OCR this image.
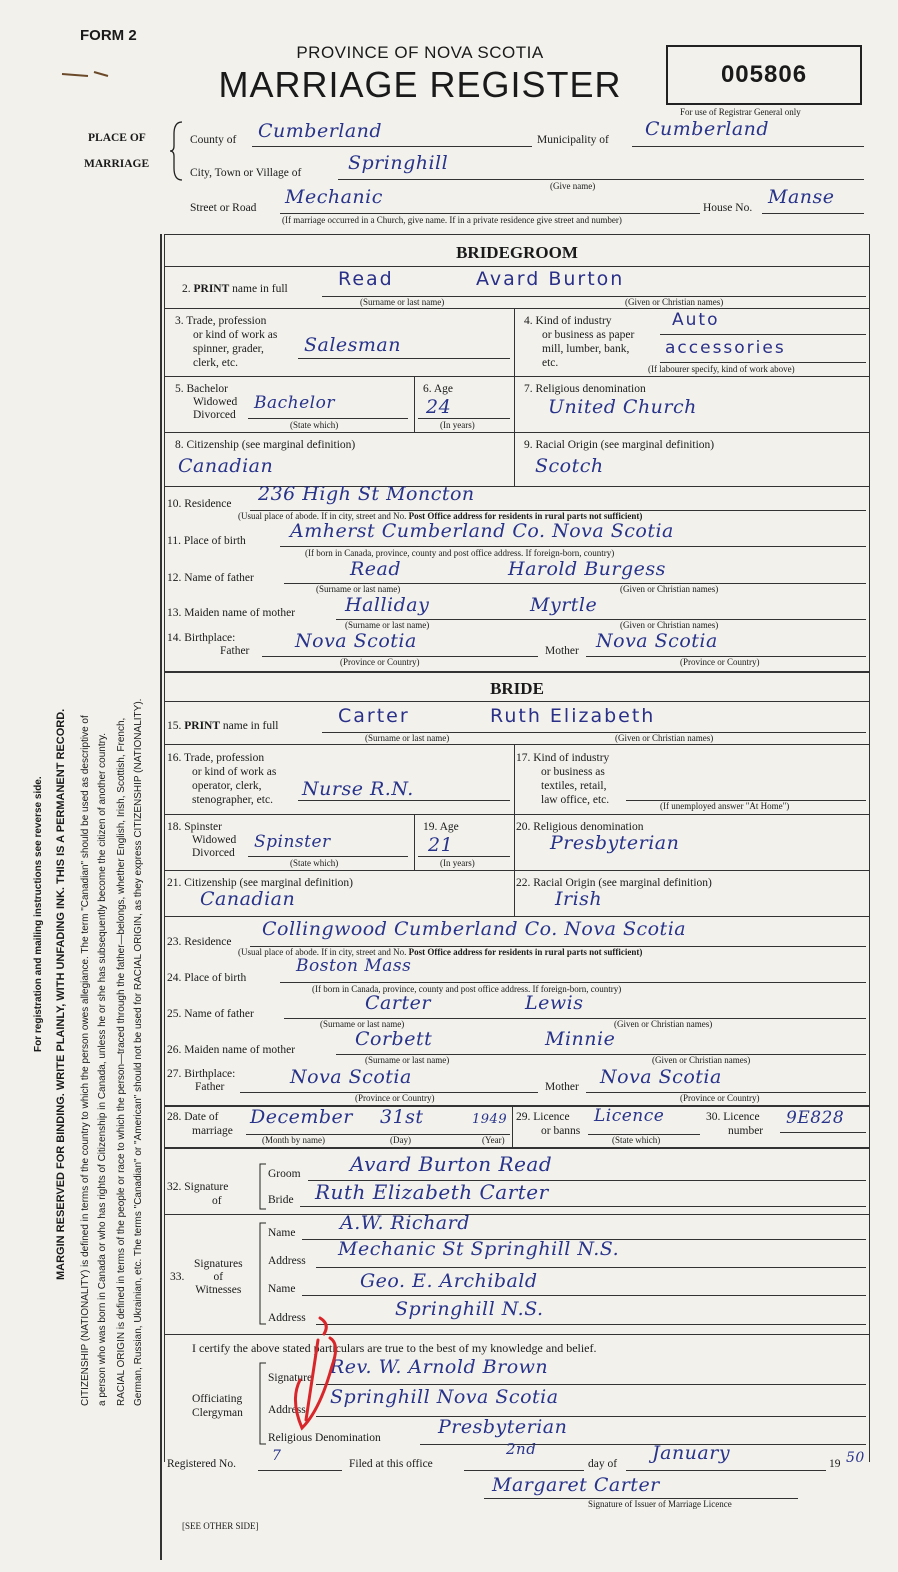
FORM 2
PROVINCE OF NOVA SCOTIA
MARRIAGE REGISTER	005806
For use of Registrar General only
PLACE OF
MARRIAGE
County of Cumberland	Municipality of Cumberland
City, Town or Village of Springhill
(Give name)
Street or Road Mechanic	House No. Manse
(If marriage occurred in a Church, give name. If in a private residence give street and number)
For registration and mailing instructions see reverse side. MARGIN RESERVED FOR BINDING. WRITE PLAINLY, WITH UNFADING INK. THIS IS A PERMANENT RECORD. CITIZENSHIP (NATIONALITY) is defined in terms of the country to which the person owes allegiance. The term "Canadian" should be used as descriptive of a person who was born in Canada or who has rights of Citizenship in Canada, unless he or she has subsequently become the citizen of another country. RACIAL ORIGIN is defined in terms of the people or race to which the person—traced through the father—belongs, whether English, Irish, Scottish, French, German, Russian, Ukrainian, etc. The terms "Canadian" or "American" should not be used for RACIAL ORIGIN, as they express CITIZENSHIP (NATIONALITY).
BRIDEGROOM
2. PRINT name in full	Read	Avard Burton
(Surname or last name)	(Given or Christian names)
3. Trade, profession
or kind of work as
spinner, grader,
clerk, etc.
Salesman
4. Kind of industry
or business as paper
mill, lumber, bank,
etc.
Auto
accessories
(If labourer specify, kind of work above)
5. Bachelor
Widowed
Divorced
Bachelor
(State which)
6. Age
24
(In years)
7. Religious denomination
United Church
8. Citizenship (see marginal definition)
Canadian
9. Racial Origin (see marginal definition)
Scotch
10. Residence 236 High St Moncton
(Usual place of abode. If in city, street and No. Post Office address for residents in rural parts not sufficient)
11. Place of birth Amherst Cumberland Co. Nova Scotia
(If born in Canada, province, county and post office address. If foreign-born, country)
12. Name of father	Read	Harold Burgess
(Surname or last name)	(Given or Christian names)
13. Maiden name of mother	Halliday	Myrtle
(Surname or last name)	(Given or Christian names)
14. Birthplace:
Father Nova Scotia	Mother Nova Scotia
(Province or Country)	(Province or Country)
BRIDE
15. PRINT name in full	Carter	Ruth Elizabeth
(Surname or last name)	(Given or Christian names)
16. Trade, profession
or kind of work as
operator, clerk,
stenographer, etc. Nurse R.N.
17. Kind of industry
or business as
textiles, retail,
law office, etc.	(If unemployed answer "At Home")
18. Spinster
Widowed
Divorced
Spinster
(State which)
19. Age
21
(In years)
20. Religious denomination
Presbyterian
21. Citizenship (see marginal definition)
Canadian
22. Racial Origin (see marginal definition)
Irish
23. Residence
Collingwood Cumberland Co. Nova Scotia
(Usual place of abode. If in city, street and No. Post Office address for residents in rural parts not sufficient)
24. Place of birth
Boston Mass
(If born in Canada, province, county and post office address. If foreign-born, country)
25. Name of father	Carter	Lewis
(Surname or last name)	(Given or Christian names)
26. Maiden name of mother	Corbett	Minnie
(Surname or last name)	(Given or Christian names)
27. Birthplace:
Father	Nova Scotia	Mother Nova Scotia
(Province or Country)	(Province or Country)
28. Date of
marriage
December 31st	1949
(Month by name)	(Day)	(Year)
29. Licence
or banns
Licence
(State which)
30. Licence
number
9E828
32. Signature
of
Groom Avard Burton Read
Bride Ruth Elizabeth Carter
Signatures
of
Witnesses
33.
Name A.W. Richard
Address
Mechanic St Springhill N.S.
Name	Geo. E. Archibald
Address	Springhill N.S.
I certify the above stated particulars are true to the best of my knowledge and belief.
Officiating
Clergyman
Signature Rev. W. Arnold Brown
Address
Springhill Nova Scotia
Religious Denomination	Presbyterian
Registered No.	7	Filed at this office
2nd
day of January	19 50
Margaret Carter
Signature of Issuer of Marriage Licence
[SEE OTHER SIDE]
